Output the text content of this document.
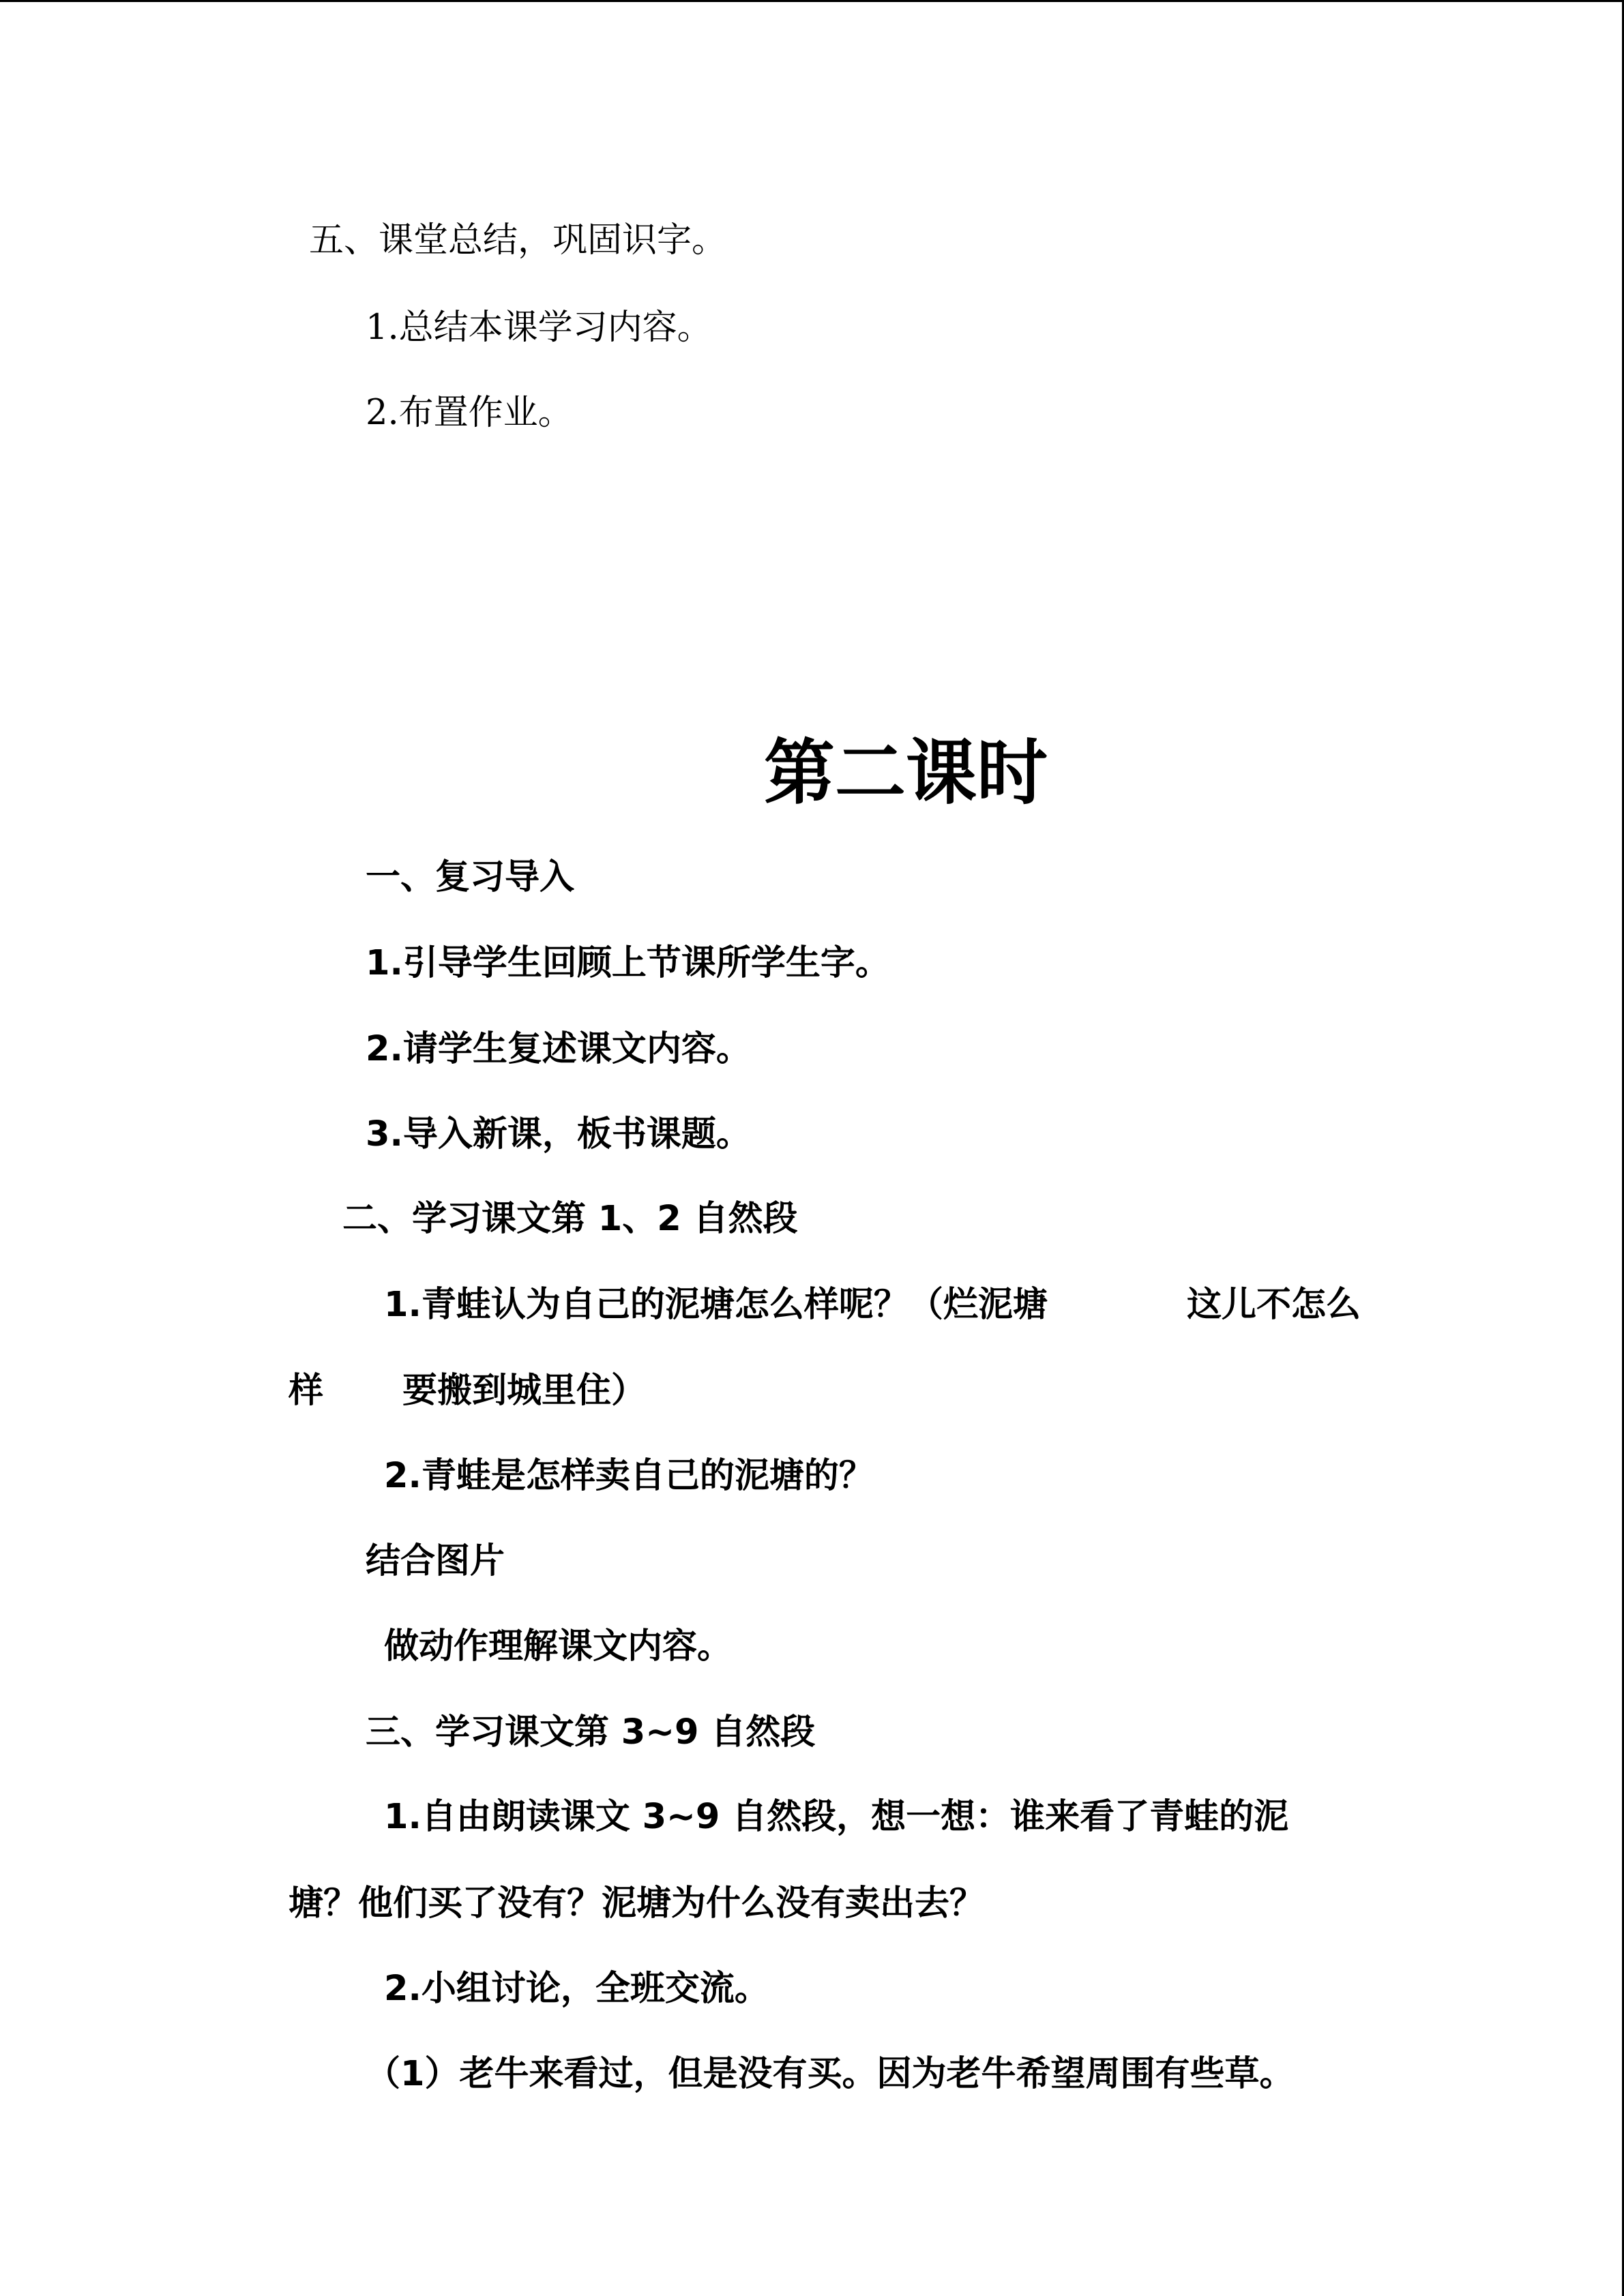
五、课堂总结，巩固识字。
1.总结本课学习内容。
2.布置作业。
第二课时
一、复习导入
1.引导学生回顾上节课所学生字。
2.请学生复述课文内容。
3.导入新课，板书课题。
二、学习课文第 1、2 自然段
1.青蛙认为自己的泥塘怎么样呢？（烂泥塘	这儿不怎么
样 要搬到城里住）
2.青蛙是怎样卖自己的泥塘的？
结合图片
做动作理解课文内容。
三、学习课文第 3~9 自然段
1.自由朗读课文 3~9 自然段，想一想：谁来看了青蛙的泥
塘？他们买了没有？泥塘为什么没有卖出去？
2.小组讨论，全班交流。
（1）老牛来看过，但是没有买。因为老牛希望周围有些草。
